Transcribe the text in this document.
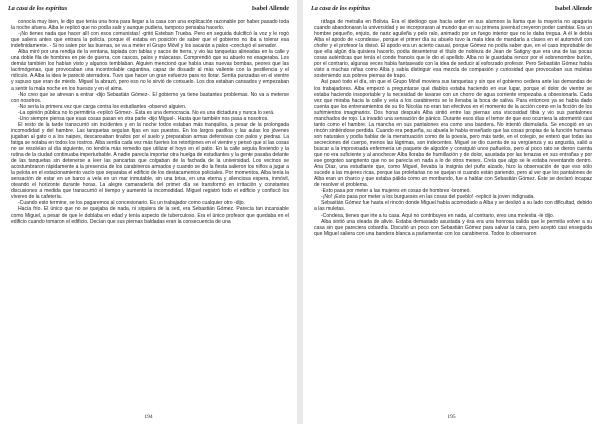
La casa de los espíritus	Isabel Allende

conocía muy bien, le dijo que tenía una hora para llegar a la casa con una explicación razonable por haber pasado toda la noche afuera. Alba le replicó que no podía salir y aunque pudiera, tampoco pensaba hacerlo.

-¡No tienes nada que hacer allí con esos comunistas! -gritó Esteban Trueba. Pero en seguida dulcificó la voz y le rogó que saliera antes que entrara la policía, porque él estaba en posición de saber que el gobierno no iba a tolerar esa indefinidamente. - Si no salen por las buenas, se va a meter el Grupo Móvil y los sacarán a palos -concluyó el senador.

Alba miró por una rendija de la ventana, tapiada con tablas y sacos de tierra, y vio las tanquetas alineadas en la calle y una doble fila de hombres en pie de guerra, con cascos, palos y máscaras. Comprendió que su abuelo no exageraba. Los demás también los habían visto y algunos temblaban. Alguien mencionó que había unas nuevas bombas, peores que las lacrimógenas, que provocaban una incontrolable cagantina, capaz de disuadir al más valiente con la pestilencia y el ridículo. A Alba la idea le pareció aterradora. Tuvo que hacer un gran esfuerzo para no llorar. Sentía punzadas en el vientre y supuso que eran de miedo. Miguel la abrazó, pero eso no le sirvió de consuelo. Los dos estaban cansados y empezaban a sentir la mala noche en los huesos y en el alma.

-No creo que se atrevan a entrar -dijo Sebastián Gómez-. El gobierno ya tiene bastantes problemas. No va a meterse con nosotros.

-No sería la primera vez que carga contra los estudiantes -observó alguien.

-La opinión pública no lo permitiría -replicó Gómez-. Ésta es una democracia. No es una dictadura y nunca lo será.

-Uno siempre piensa que esas cosas pasan en otra parte -dijo Miguel-. Hasta que también nos pasa a nosotros.

El resto de la tarde transcurrió sin incidentes y en la noche todos estaban más tranquilos, a pesar de la prolongada incomodidad y del hambre. Las tanquetas seguían fijas en sus puestos. En los largos pasillos y las aulas los jóvenes jugaban al gato o a los naipes, descansaban tirados por el suelo y preparaban armas defensivas con palos y piedras. La fatiga se notaba en todos los rostros. Alba sentía cada vez más fuertes los retortijones en el vientre y pensó que si las cosas no se resolvían al día siguiente, no tendría más remedio que utilizar el hoyo en el patio. En la calle seguía lloviendo y la rutina de la ciudad continuaba imperturbable. A nadie parecía importar otra huelga de estudiantes y la gente pasaba delante de las tanquetas sin detenerse a leer las pancartas que colgaban de la fachada de la universidad. Los vecinos se acostumbraron rápidamente a la presencia de los carabineros armados y cuando se dio la fiesta salieron los niños a jugar a la pelota en el estacionamiento vacío que separaba el edificio de los destacamentos policiales. Por momentos, Alba tenía la sensación de estar en un barco a vela en un mar inmutable, sin una brisa, en una eterna y silenciosa espera, inmóvil, oteando el horizonte durante horas. La alegre camaradería del primer día se transformó en irritación y constantes discusiones a medida que transcurrió el tiempo y aumentó la incomodidad. Miguel registró todo el edificio y confiscó los víveres de la cafetería.

-Cuando esto termine, se los pagaremos al concesionario. Es un trabajador como cualquier otro -dijo.

Hacía frío. El único que no se quejaba de nada, ni siquiera de la sed, era Sebastián Gómez. Parecía tan incansable como Miguel, a pesar de que le doblaba en edad y tenía aspecto de tuberculoso. Era el único profesor que quedaba en el edificio cuando tomaron el edificio. Decían que sus piernas baldadas eran la consecuencia de una

194
La casa de los espíritus	Isabel Allende

ráfaga de metralla en Bolivia. Era el ideólogo que hacía arder en sus alumnos la llama que la mayoría no apagaría cuando abandonaran la universidad y se incorporaran al mundo que en su primera juventud creyeron poder cambiar. Era un hombre pequeño, enjuto, de nariz aguileña y pelo ralo, animado por un fuego interior que no le daba tregua. A él le debía Alba el apodo de «condesa», porque el primer día su abuelo tuvo la mala idea de mandarla a clases en el automóvil con chofer y el profesor la divisó. El apodo era un acierto casual, porque Gómez no podía saber que, en el caso improbable de que ella algún día quisiera hacerlo, podía desenterrar el título de nobleza de Jean de Satigny que era una de las pocas cosas auténticas que tenía el conde francés que le dio el apellido. Alba no le guardaba rencor por el sobrenombre burlón, por el contrario, algunas veces había fantaseado con la idea de seducir al esforzado profesor. Pero Sebastián Gómez había visto a muchas niñas como Alba y sabía distinguir esa mezcla de compasión y curiosidad que provocaban sus muletas sosteniendo sus pobres piernas de trapo.

Así pasó todo el día, sin que el Grupo Móvil moviera sus tanquetas y sin que el gobierno cediera ante las demandas de los trabajadores. Alba empezó a preguntarse qué diablos estaba haciendo en ese lugar, porque el dolor de vientre se estaba haciendo insoportable y la necesidad de lavarse con un chorro de agua corriente empezaba a obsesionarla. Cada vez que miraba hacia la calle y veía a los carabineros se le llenaba la boca de saliva. Para entonces ya se había dado cuenta que los entrenamientos de su tío Nicolás no eran tan efectivos en el momento de la acción como en la ficción de los sufrimientos imaginarios. Dos horas después Alba sintió entre las piernas una viscosidad tibia y vio sus pantalones manchados de rojo. La invadió una sensación de pánico. Durante esos días el temor de que eso ocurriera la atormentó casi tanto como el hambre. La mancha en sus pantalones era como una bandera. No intentó disimularla. Se encogió en un rincón sintiéndose perdida. Cuando era pequeña, su abuela le había enseñado que las cosas propias de la función humana son naturales y podía hablar de la menstruación como de la poesía, pero más tarde, en el colegio, se enteró que todas las secreciones del cuerpo, menos las lágrimas, son indecentes. Miguel se dio cuenta de su vergüenza y su angustia, salió a buscar a la improvisada enfermería un paquete de algodón y consiguió unos pañuelos, pero al poco rato se dieron cuenta que no era suficiente y al anochecer Alba lloraba de humillación y de dolor, asustada por las tenazas en sus entrañas y por ese gorgoteo sangriento que no se parecía en nada a lo de otros meses. Creía que algo se le estaba reventando dentro. Ana Díaz, una estudiante que, como Miguel, llevaba la insignia del puño alzado, hizo la observación de que eso sólo sucede a las mujeres ricas, porque las proletarias no se quejan ni cuando están pariendo, pero al ver que los pantalones de Alba eran un charco y que estaba pálida como un moribundo, fue a hablar con Sebastián Gómez. Éste se declaró incapaz de resolver el problema.

-Esto pasa por meter a las mujeres en cosas de hombres -bromeó.

-¡No! ¡Esto pasa por meter a los burgueses en las cosas del pueblo! -replicó la joven indignada.

Sebastián Gómez fue hasta el rincón donde Miguel había acomodado a Alba y se deslizó a su lado con dificultad, debido a las muletas.

-Condesa, tienes que irte a tu casa. Aquí no contribuyes en nada, al contrario, eres una molestia -le dijo.

Alba sintió una oleada de alivio. Estaba demasiado asustada y ésa era una honrosa salida que le permitía volver a su casa sin que pareciera cobardía. Discutió un poco con Sebastián Gómez para salvar la cara, pero aceptó casi enseguida que Miguel saliera con una bandera blanca a parlamentar con los carabineros. Todos lo observaron

195
